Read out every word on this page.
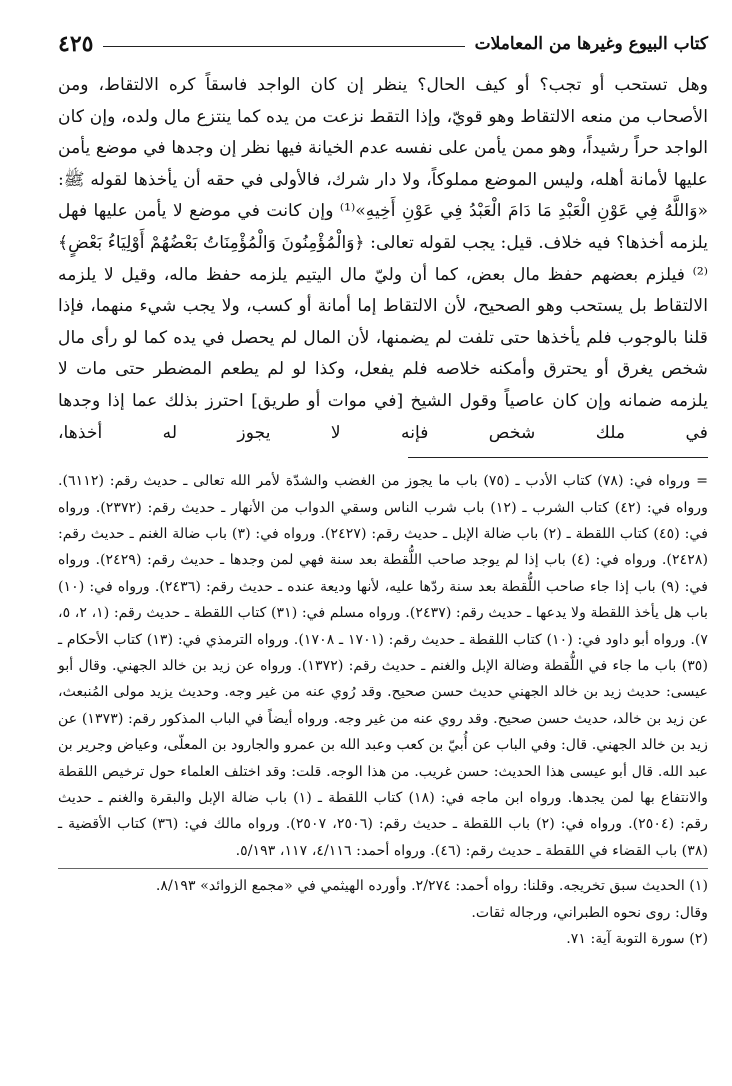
كتاب البيوع وغيرها من المعاملات
٤٢٥

وهل تستحب أو تجب؟ أو كيف الحال؟ ينظر إن كان الواجد فاسقاً كره الالتقاط، ومن الأصحاب من منعه الالتقاط وهو قويّ، وإذا التقط نزعت من يده كما ينتزع مال ولده، وإن كان الواجد حراً رشيداً، وهو ممن يأمن على نفسه عدم الخيانة فيها نظر إن وجدها في موضع يأمن عليها لأمانة أهله، وليس الموضع مملوكاً، ولا دار شرك، فالأولى في حقه أن يأخذها لقوله ﷺ: «وَاللَّهُ فِي عَوْنِ الْعَبْدِ مَا دَامَ الْعَبْدُ فِي عَوْنِ أَخِيهِ»⁽¹⁾ وإن كانت في موضع لا يأمن عليها فهل يلزمه أخذها؟ فيه خلاف. قيل: يجب لقوله تعالى: ﴿وَالْمُؤْمِنُونَ وَالْمُؤْمِنَاتُ بَعْضُهُمْ أَوْلِيَاءُ بَعْضٍ﴾⁽²⁾ فيلزم بعضهم حفظ مال بعض، كما أن وليّ مال اليتيم يلزمه حفظ ماله، وقيل لا يلزمه الالتقاط بل يستحب وهو الصحيح، لأن الالتقاط إما أمانة أو كسب، ولا يجب شيء منهما، فإذا قلنا بالوجوب فلم يأخذها حتى تلفت لم يضمنها، لأن المال لم يحصل في يده كما لو رأى مال شخص يغرق أو يحترق وأمكنه خلاصه فلم يفعل، وكذا لو لم يطعم المضطر حتى مات لا يلزمه ضمانه وإن كان عاصياً وقول الشيخ [في موات أو طريق] احترز بذلك عما إذا وجدها في ملك شخص فإنه لا يجوز له أخذها،

= ورواه في: (٧٨) كتاب الأدب ـ (٧٥) باب ما يجوز من الغضب والشدّة لأمر الله تعالى ـ حديث رقم: (٦١١٢). ورواه في: (٤٢) كتاب الشرب ـ (١٢) باب شرب الناس وسقي الدواب من الأنهار ـ حديث رقم: (٢٣٧٢). ورواه في: (٤٥) كتاب اللقطة ـ (٢) باب ضالة الإبل ـ حديث رقم: (٢٤٢٧). ورواه في: (٣) باب ضالة الغنم ـ حديث رقم: (٢٤٢٨). ورواه في: (٤) باب إذا لم يوجد صاحب اللُّقطة بعد سنة فهي لمن وجدها ـ حديث رقم: (٢٤٢٩). ورواه في: (٩) باب إذا جاء صاحب اللُّقطة بعد سنة ردّها عليه، لأنها وديعة عنده ـ حديث رقم: (٢٤٣٦). ورواه في: (١٠) باب هل يأخذ اللقطة ولا يدعها ـ حديث رقم: (٢٤٣٧). ورواه مسلم في: (٣١) كتاب اللقطة ـ حديث رقم: (١، ٢، ٥، ٧). ورواه أبو داود في: (١٠) كتاب اللقطة ـ حديث رقم: (١٧٠١ ـ ١٧٠٨). ورواه الترمذي في: (١٣) كتاب الأحكام ـ (٣٥) باب ما جاء في اللُّقطة وضالة الإبل والغنم ـ حديث رقم: (١٣٧٢). ورواه عن زيد بن خالد الجهني. وقال أبو عيسى: حديث زيد بن خالد الجهني حديث حسن صحيح. وقد رُوي عنه من غير وجه. وحديث يزيد مولى المُنبعث، عن زيد بن خالد، حديث حسن صحيح. وقد روي عنه من غير وجه. ورواه أيضاً في الباب المذكور رقم: (١٣٧٣) عن زيد بن خالد الجهني. قال: وفي الباب عن أُبيّ بن كعب وعبد الله بن عمرو والجارود بن المعلّى، وعياض وجرير بن عبد الله. قال أبو عيسى هذا الحديث: حسن غريب. من هذا الوجه. قلت: وقد اختلف العلماء حول ترخيص اللقطة والانتفاع بها لمن يجدها. ورواه ابن ماجه في: (١٨) كتاب اللقطة ـ (١) باب ضالة الإبل والبقرة والغنم ـ حديث رقم: (٢٥٠٤). ورواه في: (٢) باب اللقطة ـ حديث رقم: (٢٥٠٦، ٢٥٠٧). ورواه مالك في: (٣٦) كتاب الأقضية ـ (٣٨) باب القضاء في اللقطة ـ حديث رقم: (٤٦). ورواه أحمد: ٤/١١٦، ١١٧، ٥/١٩٣.

(١) الحديث سبق تخريجه. وقلنا: رواه أحمد: ٢/٢٧٤. وأورده الهيثمي في «مجمع الزوائد» ٨/١٩٣.

وقال: روى نحوه الطبراني، ورجاله ثقات.

(٢) سورة التوبة آية: ٧١.
